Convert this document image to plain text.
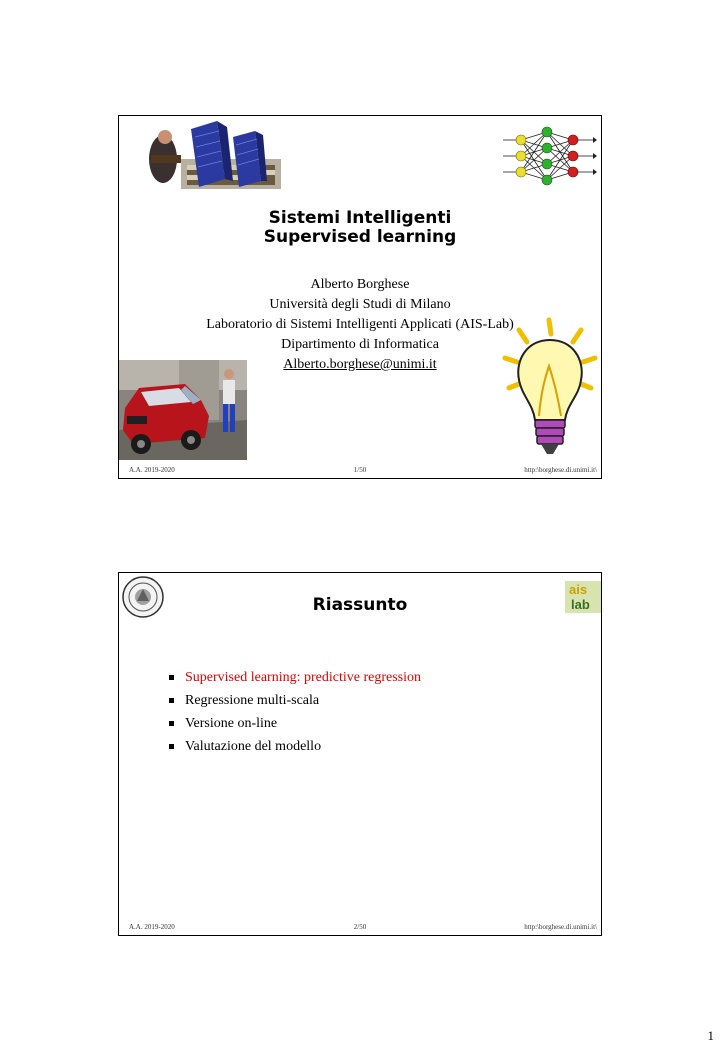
Sistemi Intelligenti
Supervised learning
Alberto Borghese
Università degli Studi di Milano
Laboratorio di Sistemi Intelligenti Applicati (AIS-Lab)
Dipartimento di Informatica
Alberto.borghese@unimi.it
A.A. 2019-2020	1/50	http:\borghese.di.unimi.it\
ais
lab
Riassunto
Supervised learning: predictive regression
Regressione multi-scala
Versione on-line
Valutazione del modello
A.A. 2019-2020	2/50	http:\borghese.di.unimi.it\
1
